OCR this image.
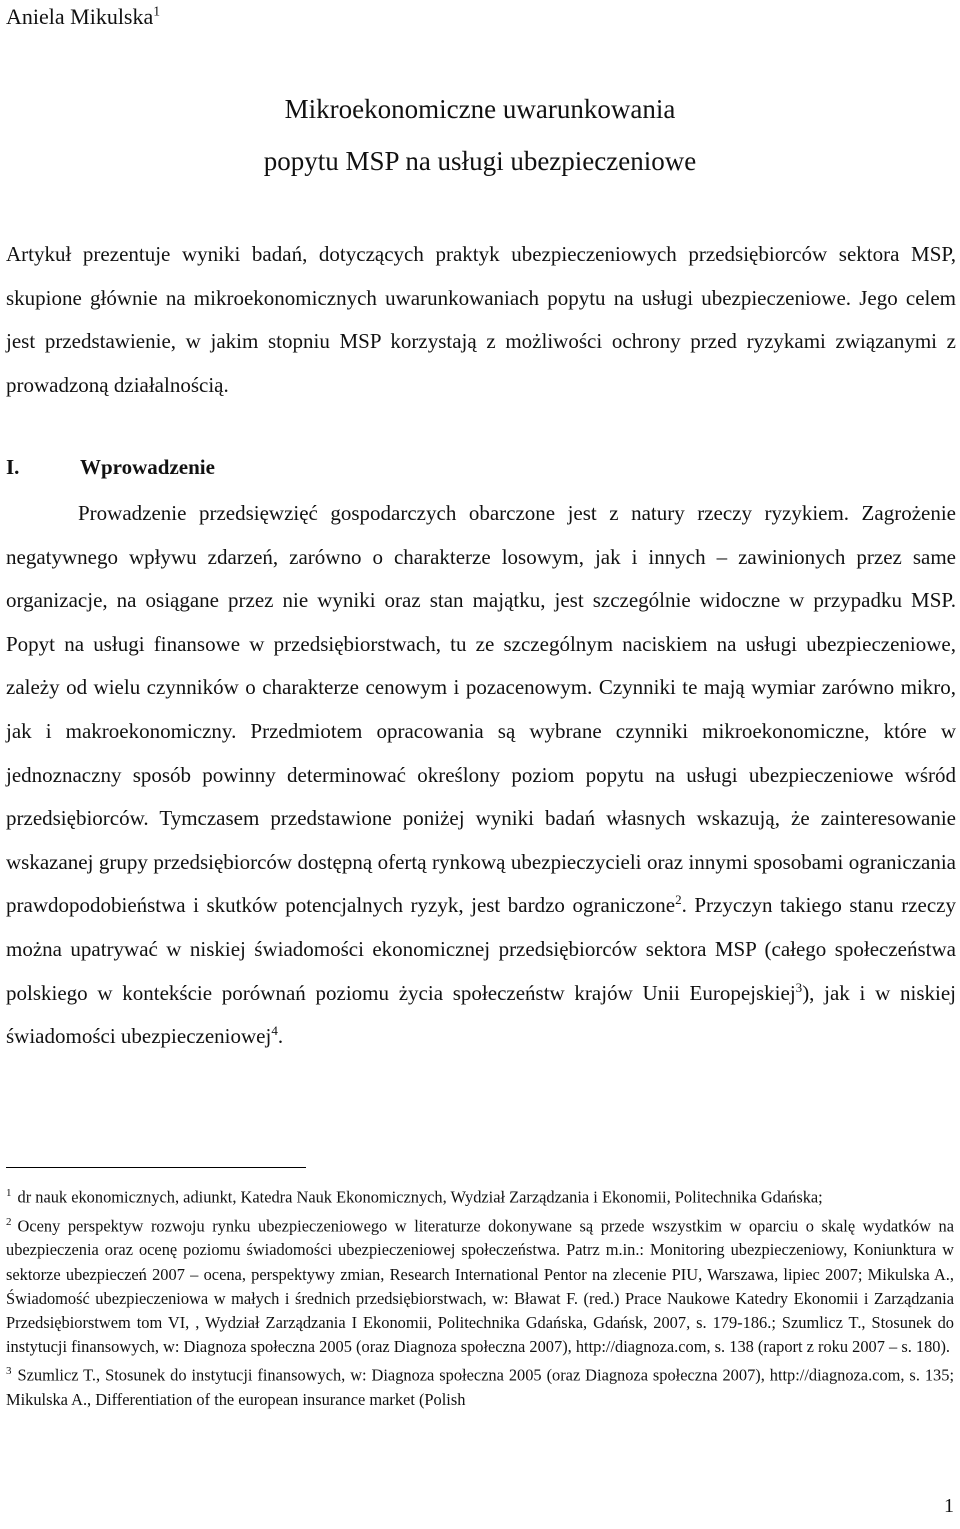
Aniela Mikulska$^1$
Mikroekonomiczne uwarunkowania
popytu MSP na usługi ubezpieczeniowe
Artykuł prezentuje wyniki badań, dotyczących praktyk ubezpieczeniowych przedsiębiorców sektora MSP, skupione głównie na mikroekonomicznych uwarunkowaniach popytu na usługi ubezpieczeniowe. Jego celem jest przedstawienie, w jakim stopniu MSP korzystają z możliwości ochrony przed ryzykami związanymi z prowadzoną działalnością.
I.	Wprowadzenie
Prowadzenie przedsięwzięć gospodarczych obarczone jest z natury rzeczy ryzykiem. Zagrożenie negatywnego wpływu zdarzeń, zarówno o charakterze losowym, jak i innych – zawinionych przez same organizacje, na osiągane przez nie wyniki oraz stan majątku, jest szczególnie widoczne w przypadku MSP. Popyt na usługi finansowe w przedsiębiorstwach, tu ze szczególnym naciskiem na usługi ubezpieczeniowe, zależy od wielu czynników o charakterze cenowym i pozacenowym. Czynniki te mają wymiar zarówno mikro, jak i makroekonomiczny. Przedmiotem opracowania są wybrane czynniki mikroekonomiczne, które w jednoznaczny sposób powinny determinować określony poziom popytu na usługi ubezpieczeniowe wśród przedsiębiorców. Tymczasem przedstawione poniżej wyniki badań własnych wskazują, że zainteresowanie wskazanej grupy przedsiębiorców dostępną ofertą rynkową ubezpieczycieli oraz innymi sposobami ograniczania prawdopodobieństwa i skutków potencjalnych ryzyk, jest bardzo ograniczone$^2$. Przyczyn takiego stanu rzeczy można upatrywać w niskiej świadomości ekonomicznej przedsiębiorców sektora MSP (całego społeczeństwa polskiego w kontekście porównań poziomu życia społeczeństw krajów Unii Europejskiej$^3$), jak i w niskiej świadomości ubezpieczeniowej$^4$.

$^1$ dr nauk ekonomicznych, adiunkt, Katedra Nauk Ekonomicznych, Wydział Zarządzania i Ekonomii, Politechnika Gdańska;

$^2$ Oceny perspektyw rozwoju rynku ubezpieczeniowego w literaturze dokonywane są przede wszystkim w oparciu o skalę wydatków na ubezpieczenia oraz ocenę poziomu świadomości ubezpieczeniowej społeczeństwa. Patrz m.in.: Monitoring ubezpieczeniowy, Koniunktura w sektorze ubezpieczeń 2007 – ocena, perspektywy zmian, Research International Pentor na zlecenie PIU, Warszawa, lipiec 2007; Mikulska A., Świadomość ubezpieczeniowa w małych i średnich przedsiębiorstwach, w: Bławat F. (red.) Prace Naukowe Katedry Ekonomii i Zarządzania Przedsiębiorstwem tom VI, , Wydział Zarządzania I Ekonomii, Politechnika Gdańska, Gdańsk, 2007, s. 179-186.; Szumlicz T., Stosunek do instytucji finansowych, w: Diagnoza społeczna 2005 (oraz Diagnoza społeczna 2007), http://diagnoza.com, s. 138 (raport z roku 2007 – s. 180).

$^3$ Szumlicz T., Stosunek do instytucji finansowych, w: Diagnoza społeczna 2005 (oraz Diagnoza społeczna 2007), http://diagnoza.com, s. 135; Mikulska A., Differentiation of the european insurance market (Polish

1
